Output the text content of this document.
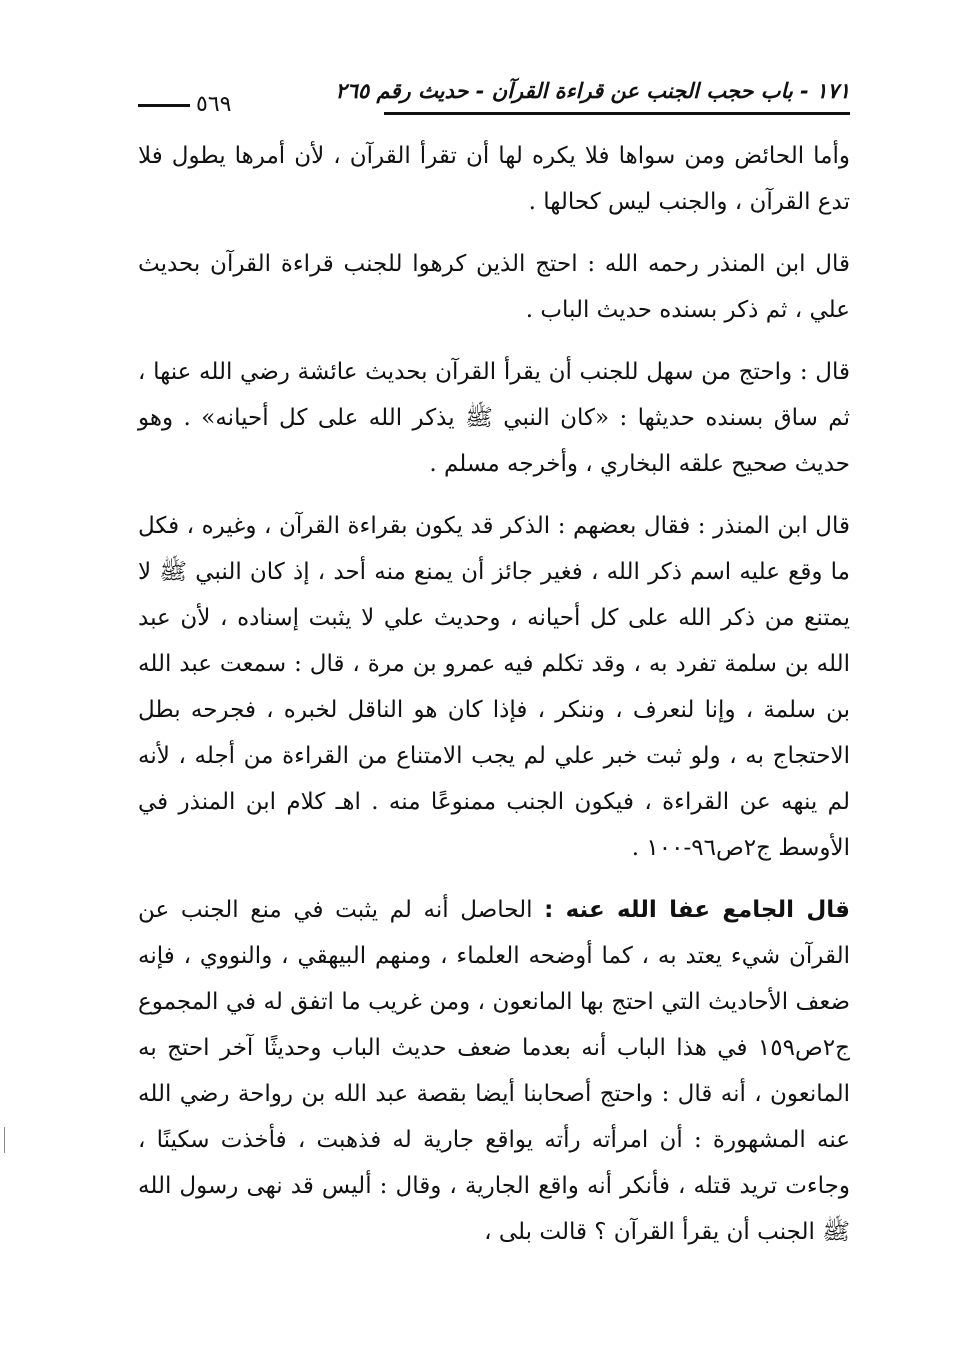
٥٦٩
١٧١ - باب حجب الجنب عن قراءة القرآن - حديث رقم ٢٦٥

وأما الحائض ومن سواها فلا يكره لها أن تقرأ القرآن ، لأن أمرها يطول فلا تدع القرآن ، والجنب ليس كحالها .

قال ابن المنذر رحمه الله : احتج الذين كرهوا للجنب قراءة القرآن بحديث علي ، ثم ذكر بسنده حديث الباب .

قال : واحتج من سهل للجنب أن يقرأ القرآن بحديث عائشة رضي الله عنها ، ثم ساق بسنده حديثها : «كان النبي ﷺ يذكر الله على كل أحيانه» . وهو حديث صحيح علقه البخاري ، وأخرجه مسلم .

قال ابن المنذر : فقال بعضهم : الذكر قد يكون بقراءة القرآن ، وغيره ، فكل ما وقع عليه اسم ذكر الله ، فغير جائز أن يمنع منه أحد ، إذ كان النبي ﷺ لا يمتنع من ذكر الله على كل أحيانه ، وحديث علي لا يثبت إسناده ، لأن عبد الله بن سلمة تفرد به ، وقد تكلم فيه عمرو بن مرة ، قال : سمعت عبد الله بن سلمة ، وإنا لنعرف ، وننكر ، فإذا كان هو الناقل لخبره ، فجرحه بطل الاحتجاج به ، ولو ثبت خبر علي لم يجب الامتناع من القراءة من أجله ، لأنه لم ينهه عن القراءة ، فيكون الجنب ممنوعًا منه . اهـ كلام ابن المنذر في الأوسط ج٢ص٩٦-١٠٠ .

قال الجامع عفا الله عنه : الحاصل أنه لم يثبت في منع الجنب عن القرآن شيء يعتد به ، كما أوضحه العلماء ، ومنهم البيهقي ، والنووي ، فإنه ضعف الأحاديث التي احتج بها المانعون ، ومن غريب ما اتفق له في المجموع ج٢ص١٥٩ في هذا الباب أنه بعدما ضعف حديث الباب وحديثًا آخر احتج به المانعون ، أنه قال : واحتج أصحابنا أيضا بقصة عبد الله بن رواحة رضي الله عنه المشهورة : أن امرأته رأته يواقع جارية له فذهبت ، فأخذت سكينًا ، وجاءت تريد قتله ، فأنكر أنه واقع الجارية ، وقال : أليس قد نهى رسول الله ﷺ الجنب أن يقرأ القرآن ؟ قالت بلى ،
